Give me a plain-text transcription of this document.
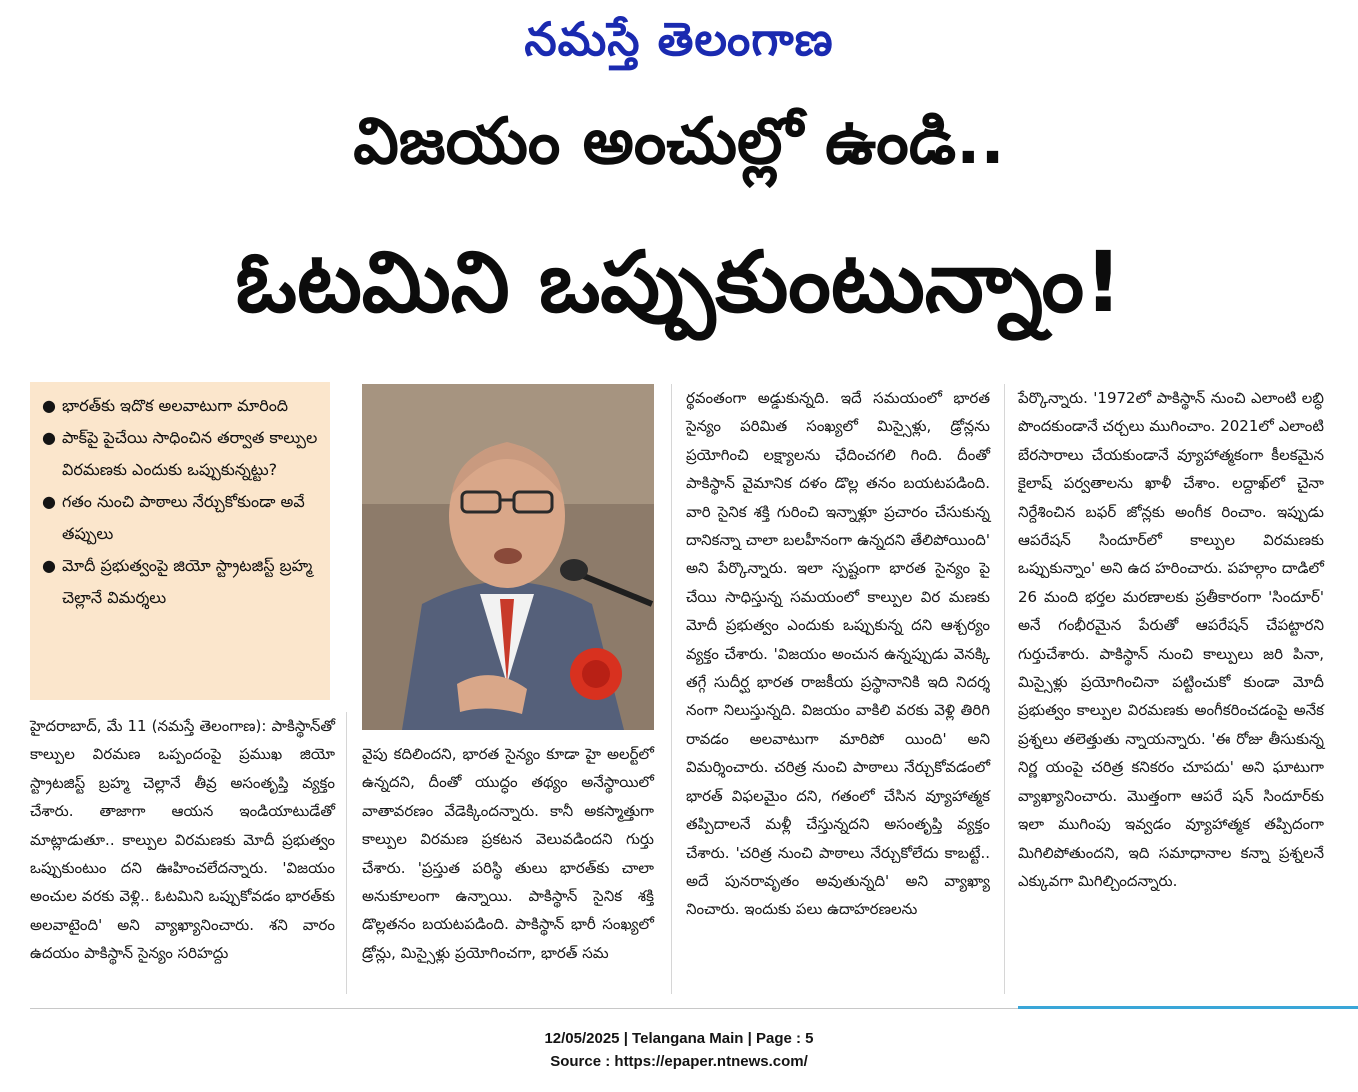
నమస్తే తెలంగాణ
విజయం అంచుల్లో ఉండి..
ఓటమిని ఒప్పుకుంటున్నాం!
● భారత్‌కు ఇదొక అలవాటుగా మారింది
● పాక్‌పై పైచేయి సాధించిన తర్వాత కాల్పుల విరమణకు ఎందుకు ఒప్పుకున్నట్టు?
● గతం నుంచి పాఠాలు నేర్చుకోకుండా అవే తప్పులు
● మోదీ ప్రభుత్వంపై జియో స్ట్రాటజిస్ట్ బ్రహ్మ చెల్లానే విమర్శలు

హైదరాబాద్, మే 11 (నమస్తే తెలంగాణ): పాకిస్థాన్‌తో కాల్పుల విరమణ ఒప్పందంపై ప్రముఖ జియో స్ట్రాటజిస్ట్ బ్రహ్మ చెల్లానే తీవ్ర అసంతృప్తి వ్యక్తం చేశారు. తాజాగా ఆయన ఇండియాటుడేతో మాట్లాడుతూ.. కాల్పుల విరమణకు మోదీ ప్రభుత్వం ఒప్పుకుంటుం దని ఊహించలేదన్నారు. 'విజయం అంచుల వరకు వెళ్లి.. ఓటమిని ఒప్పుకోవడం భారత్‌కు అలవాటైంది' అని వ్యాఖ్యానించారు. శని వారం ఉదయం పాకిస్థాన్ సైన్యం సరిహద్దు

వైపు కదిలిందని, భారత సైన్యం కూడా హై అలర్ట్‌లో ఉన్నదని, దీంతో యుద్ధం తథ్యం అనేస్థాయిలో వాతావరణం వేడెక్కిందన్నారు. కానీ అకస్మాత్తుగా కాల్పుల విరమణ ప్రకటన వెలువడిందని గుర్తు చేశారు. 'ప్రస్తుత పరిస్థి తులు భారత్‌కు చాలా అనుకూలంగా ఉన్నాయి. పాకిస్థాన్ సైనిక శక్తి డొల్లతనం బయటపడింది. పాకిస్థాన్ భారీ సంఖ్యలో డ్రోన్లు, మిస్సైళ్లు ప్రయోగించగా, భారత్ సమ

ర్థవంతంగా అడ్డుకున్నది. ఇదే సమయంలో భారత సైన్యం పరిమిత సంఖ్యలో మిస్సైళ్లు, డ్రోన్లను ప్రయోగించి లక్ష్యాలను ఛేదించగలి గింది. దీంతో పాకిస్థాన్ వైమానిక దళం డొల్ల తనం బయటపడింది. వారి సైనిక శక్తి గురించి ఇన్నాళ్లూ ప్రచారం చేసుకున్న దానికన్నా చాలా బలహీనంగా ఉన్నదని తేలిపోయింది' అని పేర్కొన్నారు. ఇలా స్పష్టంగా భారత సైన్యం పై చేయి సాధిస్తున్న సమయంలో కాల్పుల విర మణకు మోదీ ప్రభుత్వం ఎందుకు ఒప్పుకున్న దని ఆశ్చర్యం వ్యక్తం చేశారు. 'విజయం అంచున ఉన్నప్పుడు వెనక్కి తగ్గే సుదీర్ఘ భారత రాజకీయ ప్రస్థానానికి ఇది నిదర్శ నంగా నిలుస్తున్నది. విజయం వాకిలి వరకు వెళ్లి తిరిగి రావడం అలవాటుగా మారిపో యింది' అని విమర్శించారు. చరిత్ర నుంచి పాఠాలు నేర్చుకోవడంలో భారత్ విఫలమైం దని, గతంలో చేసిన వ్యూహాత్మక తప్పిదాలనే మళ్లీ చేస్తున్నదని అసంతృప్తి వ్యక్తం చేశారు. 'చరిత్ర నుంచి పాఠాలు నేర్చుకోలేదు కాబట్టే.. అదే పునరావృతం అవుతున్నది' అని వ్యాఖ్యా నించారు. ఇందుకు పలు ఉదాహరణలను

పేర్కొన్నారు. '1972లో పాకిస్థాన్ నుంచి ఎలాంటి లబ్ధి పొందకుండానే చర్చలు ముగించాం. 2021లో ఎలాంటి బేరసారాలు చేయకుండానే వ్యూహాత్మకంగా కీలకమైన కైలాష్ పర్వతాలను ఖాళీ చేశాం. లద్దాఖ్‌లో చైనా నిర్దేశించిన బఫర్ జోన్లకు అంగీక రించాం. ఇప్పుడు ఆపరేషన్ సిందూర్‌లో కాల్పుల విరమణకు ఒప్పుకున్నాం' అని ఉద హరించారు. పహల్గాం దాడిలో 26 మంది భర్తల మరణాలకు ప్రతీకారంగా 'సిందూర్' అనే గంభీరమైన పేరుతో ఆపరేషన్ చేపట్టారని గుర్తుచేశారు. పాకిస్థాన్ నుంచి కాల్పులు జరి పినా, మిస్సైళ్లు ప్రయోగించినా పట్టించుకో కుండా మోదీ ప్రభుత్వం కాల్పుల విరమణకు అంగీకరించడంపై అనేక ప్రశ్నలు తలెత్తుతు న్నాయన్నారు. 'ఈ రోజు తీసుకున్న నిర్ణ యంపై చరిత్ర కనికరం చూపదు' అని ఘాటుగా వ్యాఖ్యానించారు. మొత్తంగా ఆపరే షన్ సిందూర్‌కు ఇలా ముగింపు ఇవ్వడం వ్యూహాత్మక తప్పిదంగా మిగిలిపోతుందని, ఇది సమాధానాల కన్నా ప్రశ్నలనే ఎక్కువగా మిగిల్చిందన్నారు.

12/05/2025 | Telangana Main | Page : 5
Source : https://epaper.ntnews.com/
